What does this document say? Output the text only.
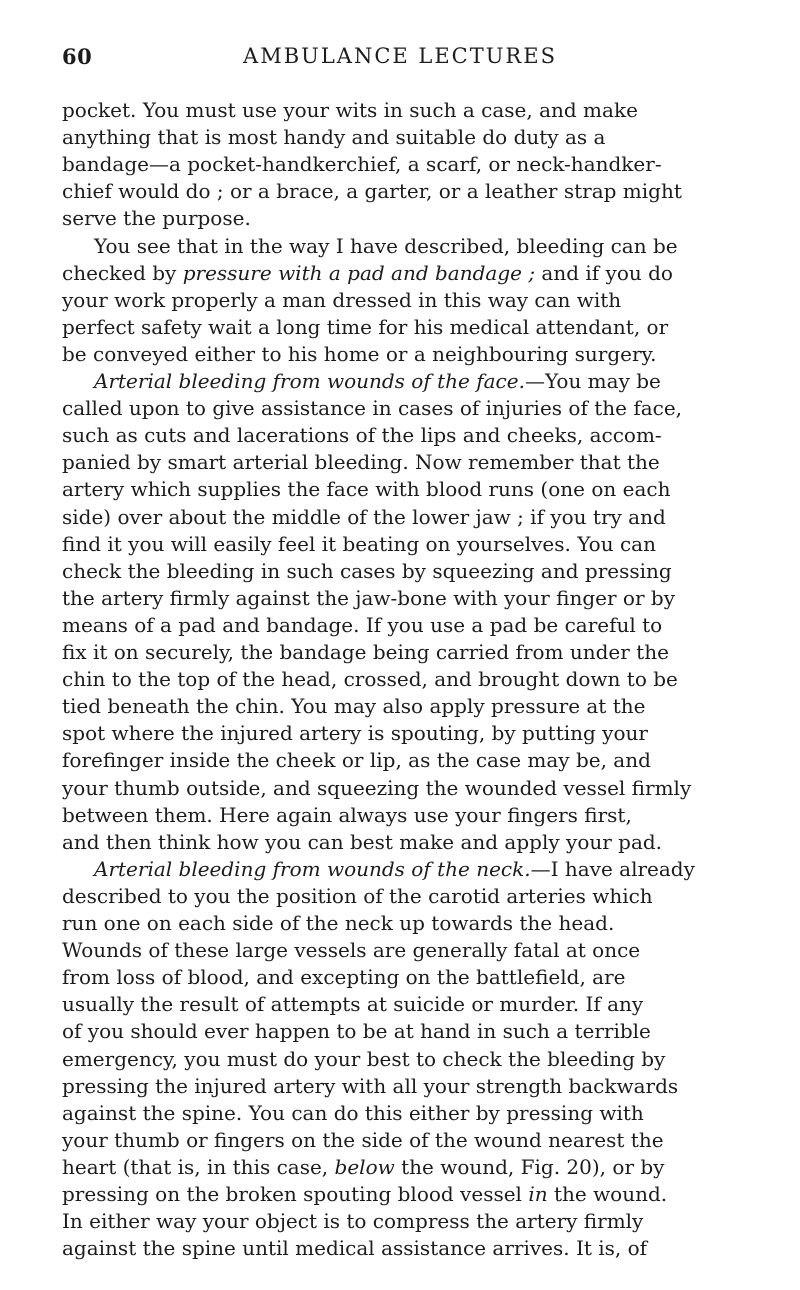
60	AMBULANCE LECTURES
pocket. You must use your wits in such a case, and make
anything that is most handy and suitable do duty as a
bandage—a pocket-handkerchief, a scarf, or neck-handker-
chief would do ; or a brace, a garter, or a leather strap might
serve the purpose.
You see that in the way I have described, bleeding can be
checked by pressure with a pad and bandage ; and if you do
your work properly a man dressed in this way can with
perfect safety wait a long time for his medical attendant, or
be conveyed either to his home or a neighbouring surgery.
Arterial bleeding from wounds of the face.—You may be
called upon to give assistance in cases of injuries of the face,
such as cuts and lacerations of the lips and cheeks, accom-
panied by smart arterial bleeding. Now remember that the
artery which supplies the face with blood runs (one on each
side) over about the middle of the lower jaw ; if you try and
find it you will easily feel it beating on yourselves. You can
check the bleeding in such cases by squeezing and pressing
the artery firmly against the jaw-bone with your finger or by
means of a pad and bandage. If you use a pad be careful to
fix it on securely, the bandage being carried from under the
chin to the top of the head, crossed, and brought down to be
tied beneath the chin. You may also apply pressure at the
spot where the injured artery is spouting, by putting your
forefinger inside the cheek or lip, as the case may be, and
your thumb outside, and squeezing the wounded vessel firmly
between them. Here again always use your fingers first,
and then think how you can best make and apply your pad.
Arterial bleeding from wounds of the neck.—I have already
described to you the position of the carotid arteries which
run one on each side of the neck up towards the head.
Wounds of these large vessels are generally fatal at once
from loss of blood, and excepting on the battlefield, are
usually the result of attempts at suicide or murder. If any
of you should ever happen to be at hand in such a terrible
emergency, you must do your best to check the bleeding by
pressing the injured artery with all your strength backwards
against the spine. You can do this either by pressing with
your thumb or fingers on the side of the wound nearest the
heart (that is, in this case, below the wound, Fig. 20), or by
pressing on the broken spouting blood vessel in the wound.
In either way your object is to compress the artery firmly
against the spine until medical assistance arrives. It is, of
